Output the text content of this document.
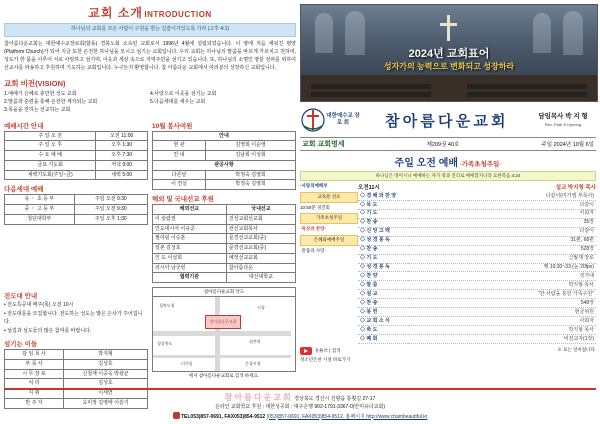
교회 소개 INTRODUCTION
하나님의 교회를 모든 사람이 구원을 받는 길잡이가있도록 가라 (고후 4:1)
참아름다운교회는 대한예수교장로회(합동) 경북노회 소속된 교회로서 1996년 4월에 설립되었습니다. 이 땅에 처음 세워진 평양(Platform Church)가 되어 지금 또한 온전한 하나님을 모시고 섬기는 교회입니다. 우리 교회는 하나님의 말씀을 바르게 가르치고 전하며, 성도가 한 몸을 이루어 서로 사랑하고 섬기며, 이웃과 세상 속으로 지역주민을 섬기고 있습니다. 또, 하나님의 소명인 땅끝 전파를 위하여 선교사를 파송하고 후원하며 기도하는 교회입니다. 누구든지 환영합니다. 참 아름다운 교회에서 여러분의 성장하신 교회입니다.
교회 비전(VISION)
1.예배가 은혜로 충만한 성도 교회
2.말씀과 훈련을 통해 온전한 제자되는 교회
3.목을을 전하는 선교하는 교회
4.사랑으로 이웃을 섬기는 교회
5.다음세대를 세우는 교회
예배시간 안내
주 일 오 전	오전 11:00
주 일 오 후	오후 1:30
수 요 예 배	오후 7:30
금요 기도회	저녁 9:00
새벽기도회(주일~금)	새벽 5:00
다음세대 예배
유 ・ 초 등 부	주일 오전 9:30
중 ・ 고 등 부	주일 오전 9:30
청년대학부	주일 오후 1:30
10월 봉사여원
안내	
현 관	김영희 이순영
안 내	김남희 이성희
관공사항	
다른날	박정숙 김영희
이 연실	박정숙 김영희
해외 및 국내선교 후원
해외선교	국내선교
이 슬람권	진성교회선교회
인도네시아 이유준	전선교회목사
필리핀 이승훈	문경선교교회(중)
일본 김성호	문경선교교회(중)
인 도 이성희	예정선교교회
러시아 남궁현	참아름다운
협력기관	대신대학교
전도대 안내
• 전도특공대 매주(목) 오전 10시
• 전도대를을 모집합니다. 전도하는 성도는 많은 은사가 주어집니다.
• 섬김과 섬도들의 많은 참여를 바랍니다.
섬기는 이들
담 임 목 사	박지형
부 목 사	김성호
시 무 장 로	신철재 이중욱 박광균
치 리	김성호
지 휘	이세연
반 주 자	옥미정 김영태 이슬기
참아름다운교회 약도
참아름다운교회
경북도청	시청
경상북도	점촌역
터미널	문경시청
에서 참아름다운교회로 검색 하세요.
2024년 교회표어
성자가의 능력으로 변화되고 성장하라
대한예수교 장 로 회	참 아 름 다 운 교 회	담임목사 박 지 형
Rev. Park Ji Hyeong
교회 교회명세	제209권 40호	주일 2024년 10월 6일
주일 오전 예배 ·가족초청주일·
하나님은 영이시니 예배하는 자가 영과 진리로 예배할지니라 요한복음 4:24
·사랑의예배부
교독문 선포
10:50분 경건회
가족초청주일
·묵상과 찬양·
은혜와예배주일
·말씀과 사랑·
오전11시	설교 박지형 목사
◇ 경 배 와 찬 양	다같이(미가엘 부목사)
◇ 묵 도	다같이
◇ 기 도	사회자
◇ 찬 송	35장
◇ 신 앙 고 백	다같이
◇ 성 경 봉 독	31편, 68편
◇ 찬 송	528장
◇ 기 도	신월재 장로
◇ 성 경 봉 독	행 10:30~33:(눈 20fps)
◇ 찬 양	성가대
◇ 말 씀	박지형 목사
◇ 설 교	"한 사람을 통한 가족구원"
◇ 찬 송	548장
◇ 봉 헌	현금위원
◇ 교 회 소 식	사회자
◇ 축 도	박지형 목사
◇ 폐 회	비전교자(1장)
유튜브 | 검색	※ 표는 일어섭니다.
성소년은찬 시설 바로가기
참아름다운교회 경상북도 경산시 진량읍 통횟길 27-17
온라인 교회학교 후원 : 대한성공회 : 대구은행 902-1791-3367-0(안미유다교회)
TEL053)857-0691, FAX053)854-9512 (053)857-0691, FAX053)854-9512. 홈페이지 http://www.chambeautiful.kr
